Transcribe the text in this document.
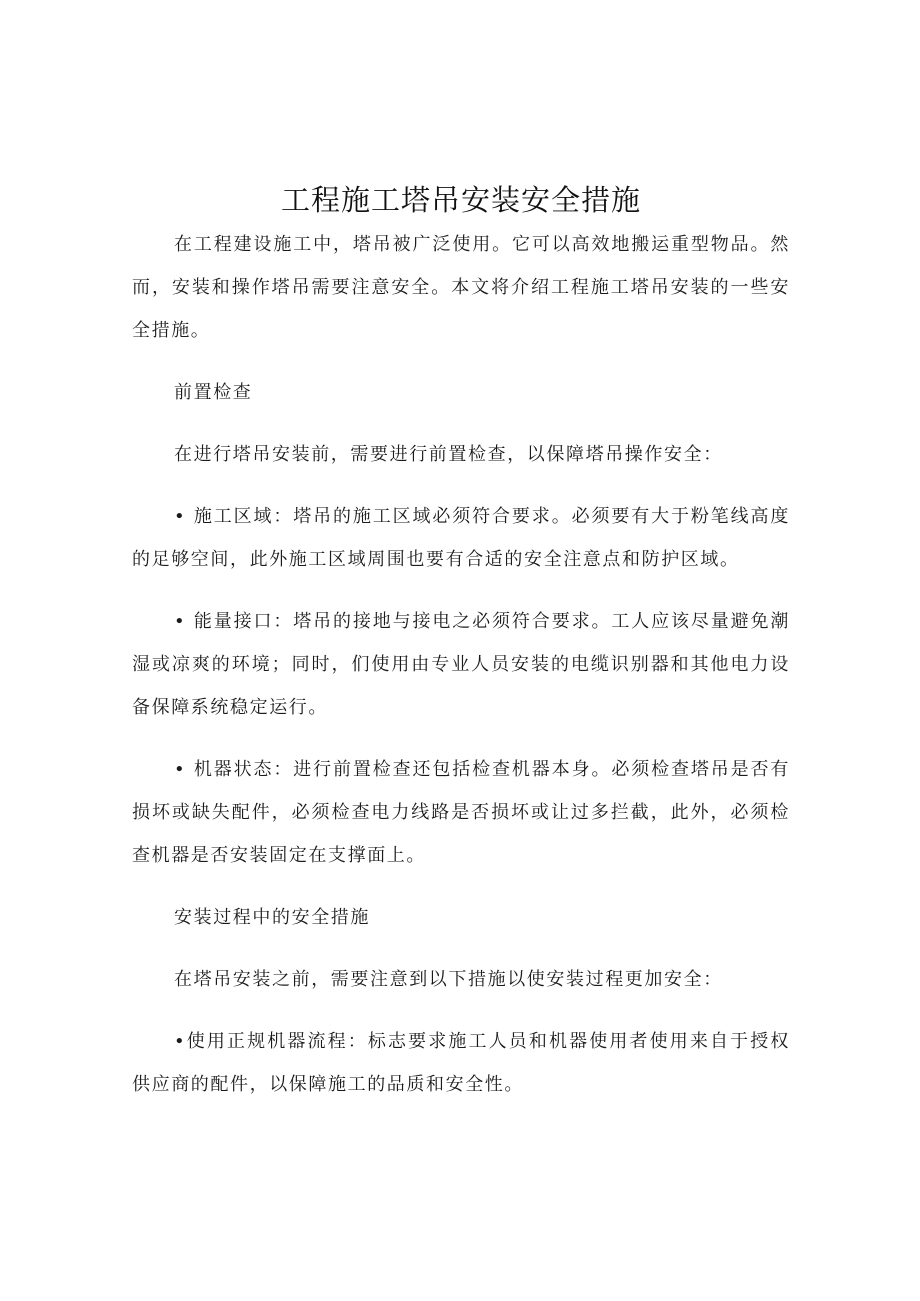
工程施工塔吊安装安全措施

在工程建设施工中，塔吊被广泛使用。它可以高效地搬运重型物品。然而，安装和操作塔吊需要注意安全。本文将介绍工程施工塔吊安装的一些安全措施。

前置检查

在进行塔吊安装前，需要进行前置检查，以保障塔吊操作安全：

• 施工区域：塔吊的施工区域必须符合要求。必须要有大于粉笔线高度的足够空间，此外施工区域周围也要有合适的安全注意点和防护区域。

• 能量接口：塔吊的接地与接电之必须符合要求。工人应该尽量避免潮湿或凉爽的环境；同时，们使用由专业人员安装的电缆识别器和其他电力设备保障系统稳定运行。

• 机器状态：进行前置检查还包括检查机器本身。必须检查塔吊是否有损坏或缺失配件，必须检查电力线路是否损坏或让过多拦截，此外，必须检查机器是否安装固定在支撑面上。

安装过程中的安全措施

在塔吊安装之前，需要注意到以下措施以使安装过程更加安全：

•使用正规机器流程：标志要求施工人员和机器使用者使用来自于授权供应商的配件，以保障施工的品质和安全性。
